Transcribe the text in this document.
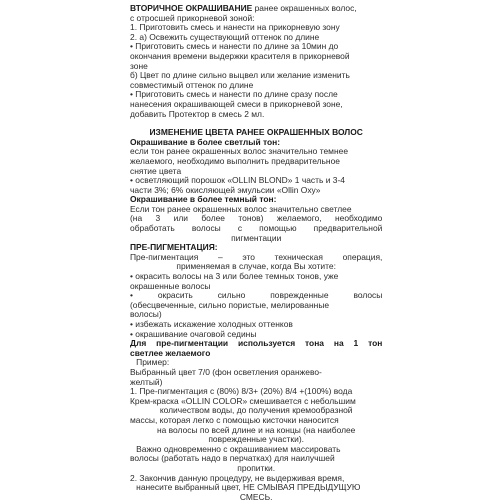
ВТОРИЧНОЕ ОКРАШИВАНИЕ ранее окрашенных волос,
с отросшей прикорневой зоной:
1. Приготовить смесь и нанести на прикорневую зону
2. а) Освежить существующий оттенок по длине
• Приготовить смесь и нанести по длине за 10мин до
окончания времени выдержки красителя в прикорневой
зоне
б) Цвет по длине сильно выцвел или желание изменить
совместимый оттенок по длине
• Приготовить смесь и нанести по длине сразу после
нанесения окрашивающей смеси в прикорневой зоне,
добавить Протектор в смесь 2 мл.
ИЗМЕНЕНИЕ ЦВЕТА РАНЕЕ ОКРАШЕННЫХ ВОЛОС
Окрашивание в более светлый тон:
если тон ранее окрашенных волос значительно темнее
желаемого, необходимо выполнить предварительное
снятие цвета
• осветляющий порошок «OLLIN BLOND» 1 часть и 3-4
части 3%; 6% окисляющей эмульсии «Ollin Oxy»
Окрашивание в более темный тон:
Если тон ранее окрашенных волос значительно светлее
(на 3 или более тонов) желаемого, необходимо
обработать волосы с помощью предварительной
пигментации
ПРЕ-ПИГМЕНТАЦИЯ:
Пре-пигментация – это техническая операция,
применяемая в случае, когда Вы хотите:
• окрасить волосы на 3 или более темных тонов, уже
окрашенные волосы
• окрасить сильно поврежденные волосы
(обесцвеченные, сильно пористые, мелированные
волосы)
• избежать искажение холодных оттенков
• окрашивание очаговой седины
Для пре-пигментации используется тона на 1 тон
светлее желаемого
Пример:
Выбранный цвет 7/0 (фон осветления оранжево-
желтый)
1. Пре-пигментация с (80%) 8/3+ (20%) 8/4 +(100%) вода
Крем-краска «OLLIN COLOR» смешивается с небольшим
количеством воды, до получения кремообразной
массы, которая легко с помощью кисточки наносится
на волосы по всей длине и на концы (на наиболее
поврежденные участки).
Важно одновременно с окрашиванием массировать
волосы (работать надо в перчатках) для наилучшей
пропитки.
2. Закончив данную процедуру, не выдерживая время,
нанесите выбранный цвет, НЕ СМЫВАЯ ПРЕДЫДУЩУЮ
СМЕСЬ.
